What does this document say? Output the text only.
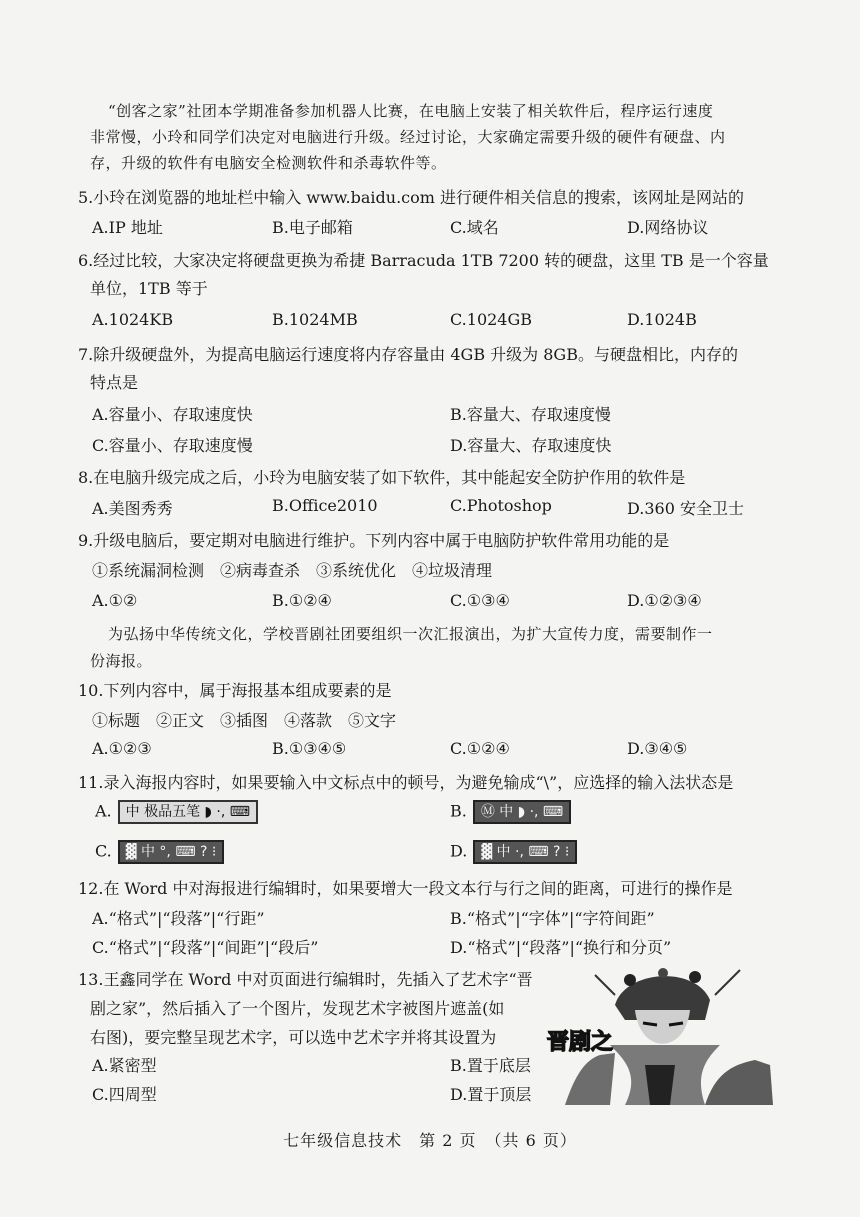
“创客之家”社团本学期准备参加机器人比赛，在电脑上安装了相关软件后，程序运行速度
非常慢，小玲和同学们决定对电脑进行升级。经过讨论，大家确定需要升级的硬件有硬盘、内
存，升级的软件有电脑安全检测软件和杀毒软件等。
5.小玲在浏览器的地址栏中输入 www.baidu.com 进行硬件相关信息的搜索，该网址是网站的
A.IP 地址	B.电子邮箱	C.域名	D.网络协议
6.经过比较，大家决定将硬盘更换为希捷 Barracuda 1TB 7200 转的硬盘，这里 TB 是一个容量
单位，1TB 等于
A.1024KB	B.1024MB	C.1024GB	D.1024B
7.除升级硬盘外，为提高电脑运行速度将内存容量由 4GB 升级为 8GB。与硬盘相比，内存的
特点是
A.容量小、存取速度快	B.容量大、存取速度慢
C.容量小、存取速度慢	D.容量大、存取速度快
8.在电脑升级完成之后，小玲为电脑安装了如下软件，其中能起安全防护作用的软件是
A.美图秀秀	B.Office2010	C.Photoshop	D.360 安全卫士
9.升级电脑后，要定期对电脑进行维护。下列内容中属于电脑防护软件常用功能的是
①系统漏洞检测　②病毒查杀　③系统优化　④垃圾清理
A.①②	B.①②④	C.①③④	D.①②③④
为弘扬中华传统文化，学校晋剧社团要组织一次汇报演出，为扩大宣传力度，需要制作一
份海报。
10.下列内容中，属于海报基本组成要素的是
①标题　②正文　③插图　④落款　⑤文字
A.①②③	B.①③④⑤	C.①②④	D.③④⑤
11.录入海报内容时，如果要输入中文标点中的顿号，为避免输成“\”，应选择的输入法状态是
A. 中 极品五笔 ◗ ·, ⌨	B. Ⓜ 中 ◗ ·, ⌨
C. ▓ 中 °, ⌨ ? ⁝	D. ▓ 中 ·, ⌨ ? ⁝
12.在 Word 中对海报进行编辑时，如果要增大一段文本行与行之间的距离，可进行的操作是
A.“格式”|“段落”|“行距”	B.“格式”|“字体”|“字符间距”
C.“格式”|“段落”|“间距”|“段后”	D.“格式”|“段落”|“换行和分页”
13.王鑫同学在 Word 中对页面进行编辑时，先插入了艺术字“晋
剧之家”，然后插入了一个图片，发现艺术字被图片遮盖(如
右图)，要完整呈现艺术字，可以选中艺术字并将其设置为
A.紧密型	B.置于底层
C.四周型	D.置于顶层
晋剧之
七年级信息技术　第 2 页　（共 6 页）
